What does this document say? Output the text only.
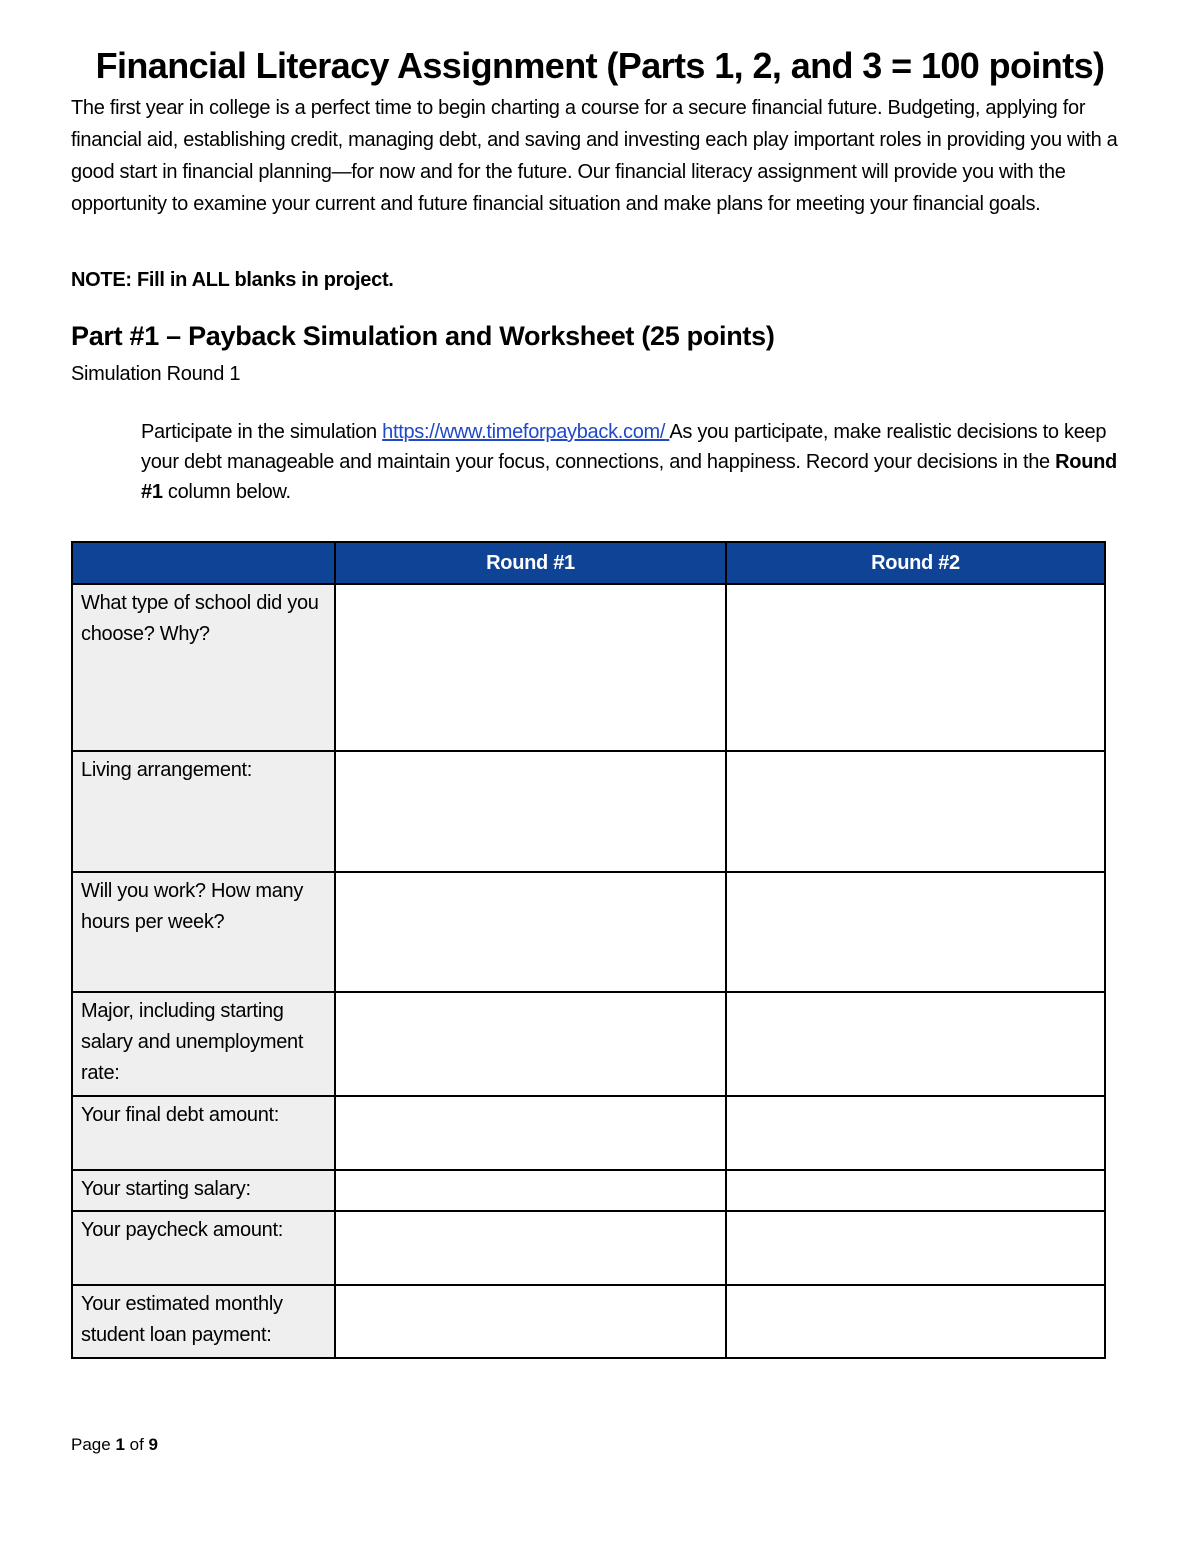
Financial Literacy Assignment (Parts 1, 2, and 3 = 100 points)

The first year in college is a perfect time to begin charting a course for a secure financial future. Budgeting, applying for financial aid, establishing credit, managing debt, and saving and investing each play important roles in providing you with a good start in financial planning—for now and for the future. Our financial literacy assignment will provide you with the opportunity to examine your current and future financial situation and make plans for meeting your financial goals.

NOTE: Fill in ALL blanks in project.

Part #1 – Payback Simulation and Worksheet (25 points)

Simulation Round 1

Participate in the simulation https://www.timeforpayback.com/ As you participate, make realistic decisions to keep your debt manageable and maintain your focus, connections, and happiness. Record your decisions in the Round #1 column below.

	Round #1	Round #2
What type of school did you choose? Why?		
Living arrangement:		
Will you work? How many hours per week?		
Major, including starting salary and unemployment rate:		
Your final debt amount:		
Your starting salary:		
Your paycheck amount:		
Your estimated monthly student loan payment:		

Page 1 of 9
